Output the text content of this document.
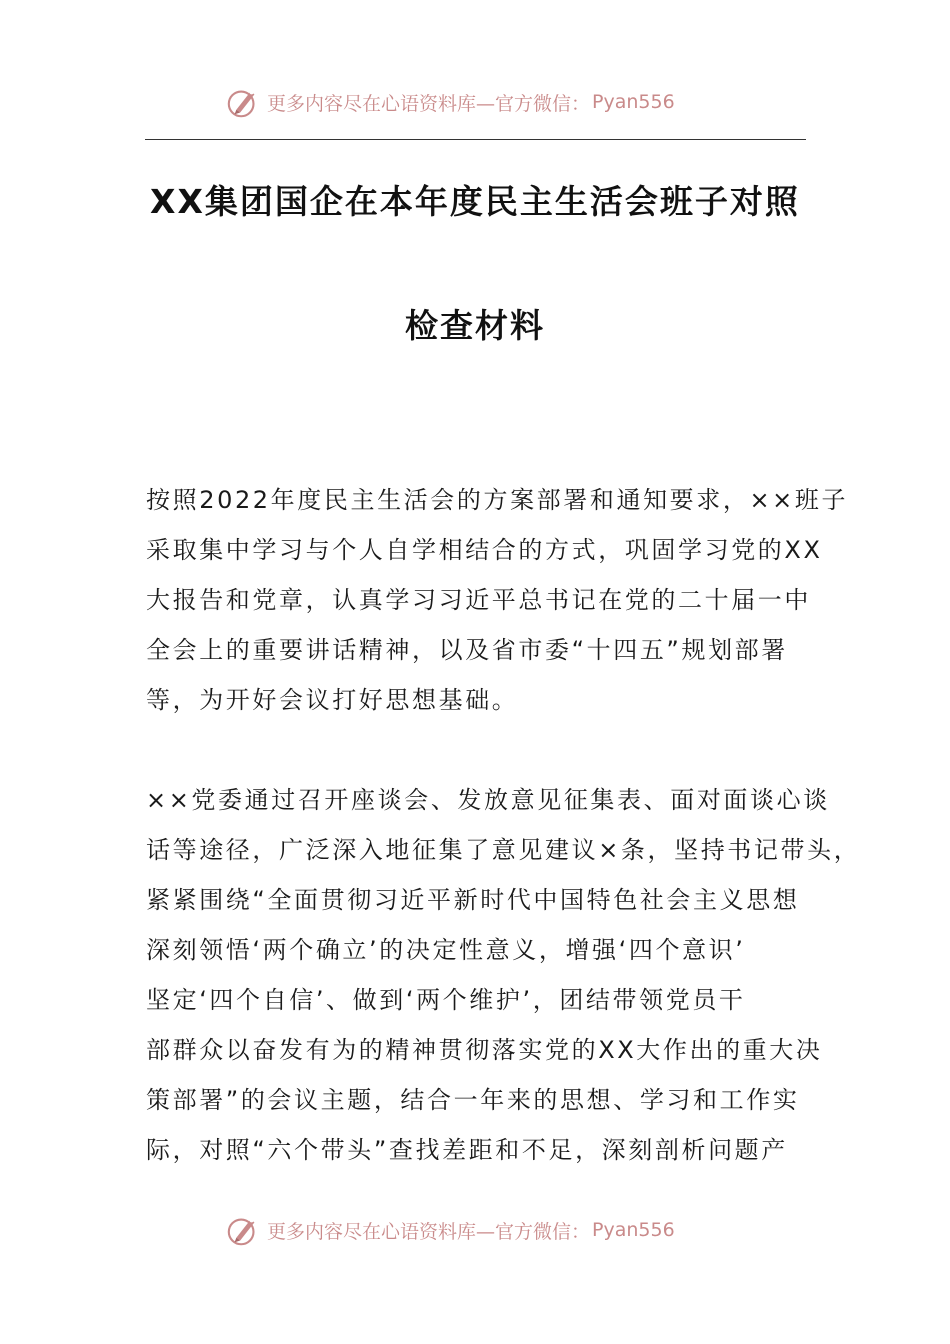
更多内容尽在心语资料库—官方微信： Pyan556
XX集团国企在本年度民主生活会班子对照
检查材料

按照2022年度民主生活会的方案部署和通知要求，××班子
采取集中学习与个人自学相结合的方式，巩固学习党的XX
大报告和党章，认真学习习近平总书记在党的二十届一中
全会上的重要讲话精神，以及省市委“十四五”规划部署
等，为开好会议打好思想基础。

××党委通过召开座谈会、发放意见征集表、面对面谈心谈
话等途径，广泛深入地征集了意见建议×条，坚持书记带头，
紧紧围绕“全面贯彻习近平新时代中国特色社会主义思想
深刻领悟‘两个确立’的决定性意义，增强‘四个意识’
坚定‘四个自信’、做到‘两个维护’，团结带领党员干
部群众以奋发有为的精神贯彻落实党的XX大作出的重大决
策部署”的会议主题，结合一年来的思想、学习和工作实
际，对照“六个带头”查找差距和不足，深刻剖析问题产

更多内容尽在心语资料库—官方微信： Pyan556
